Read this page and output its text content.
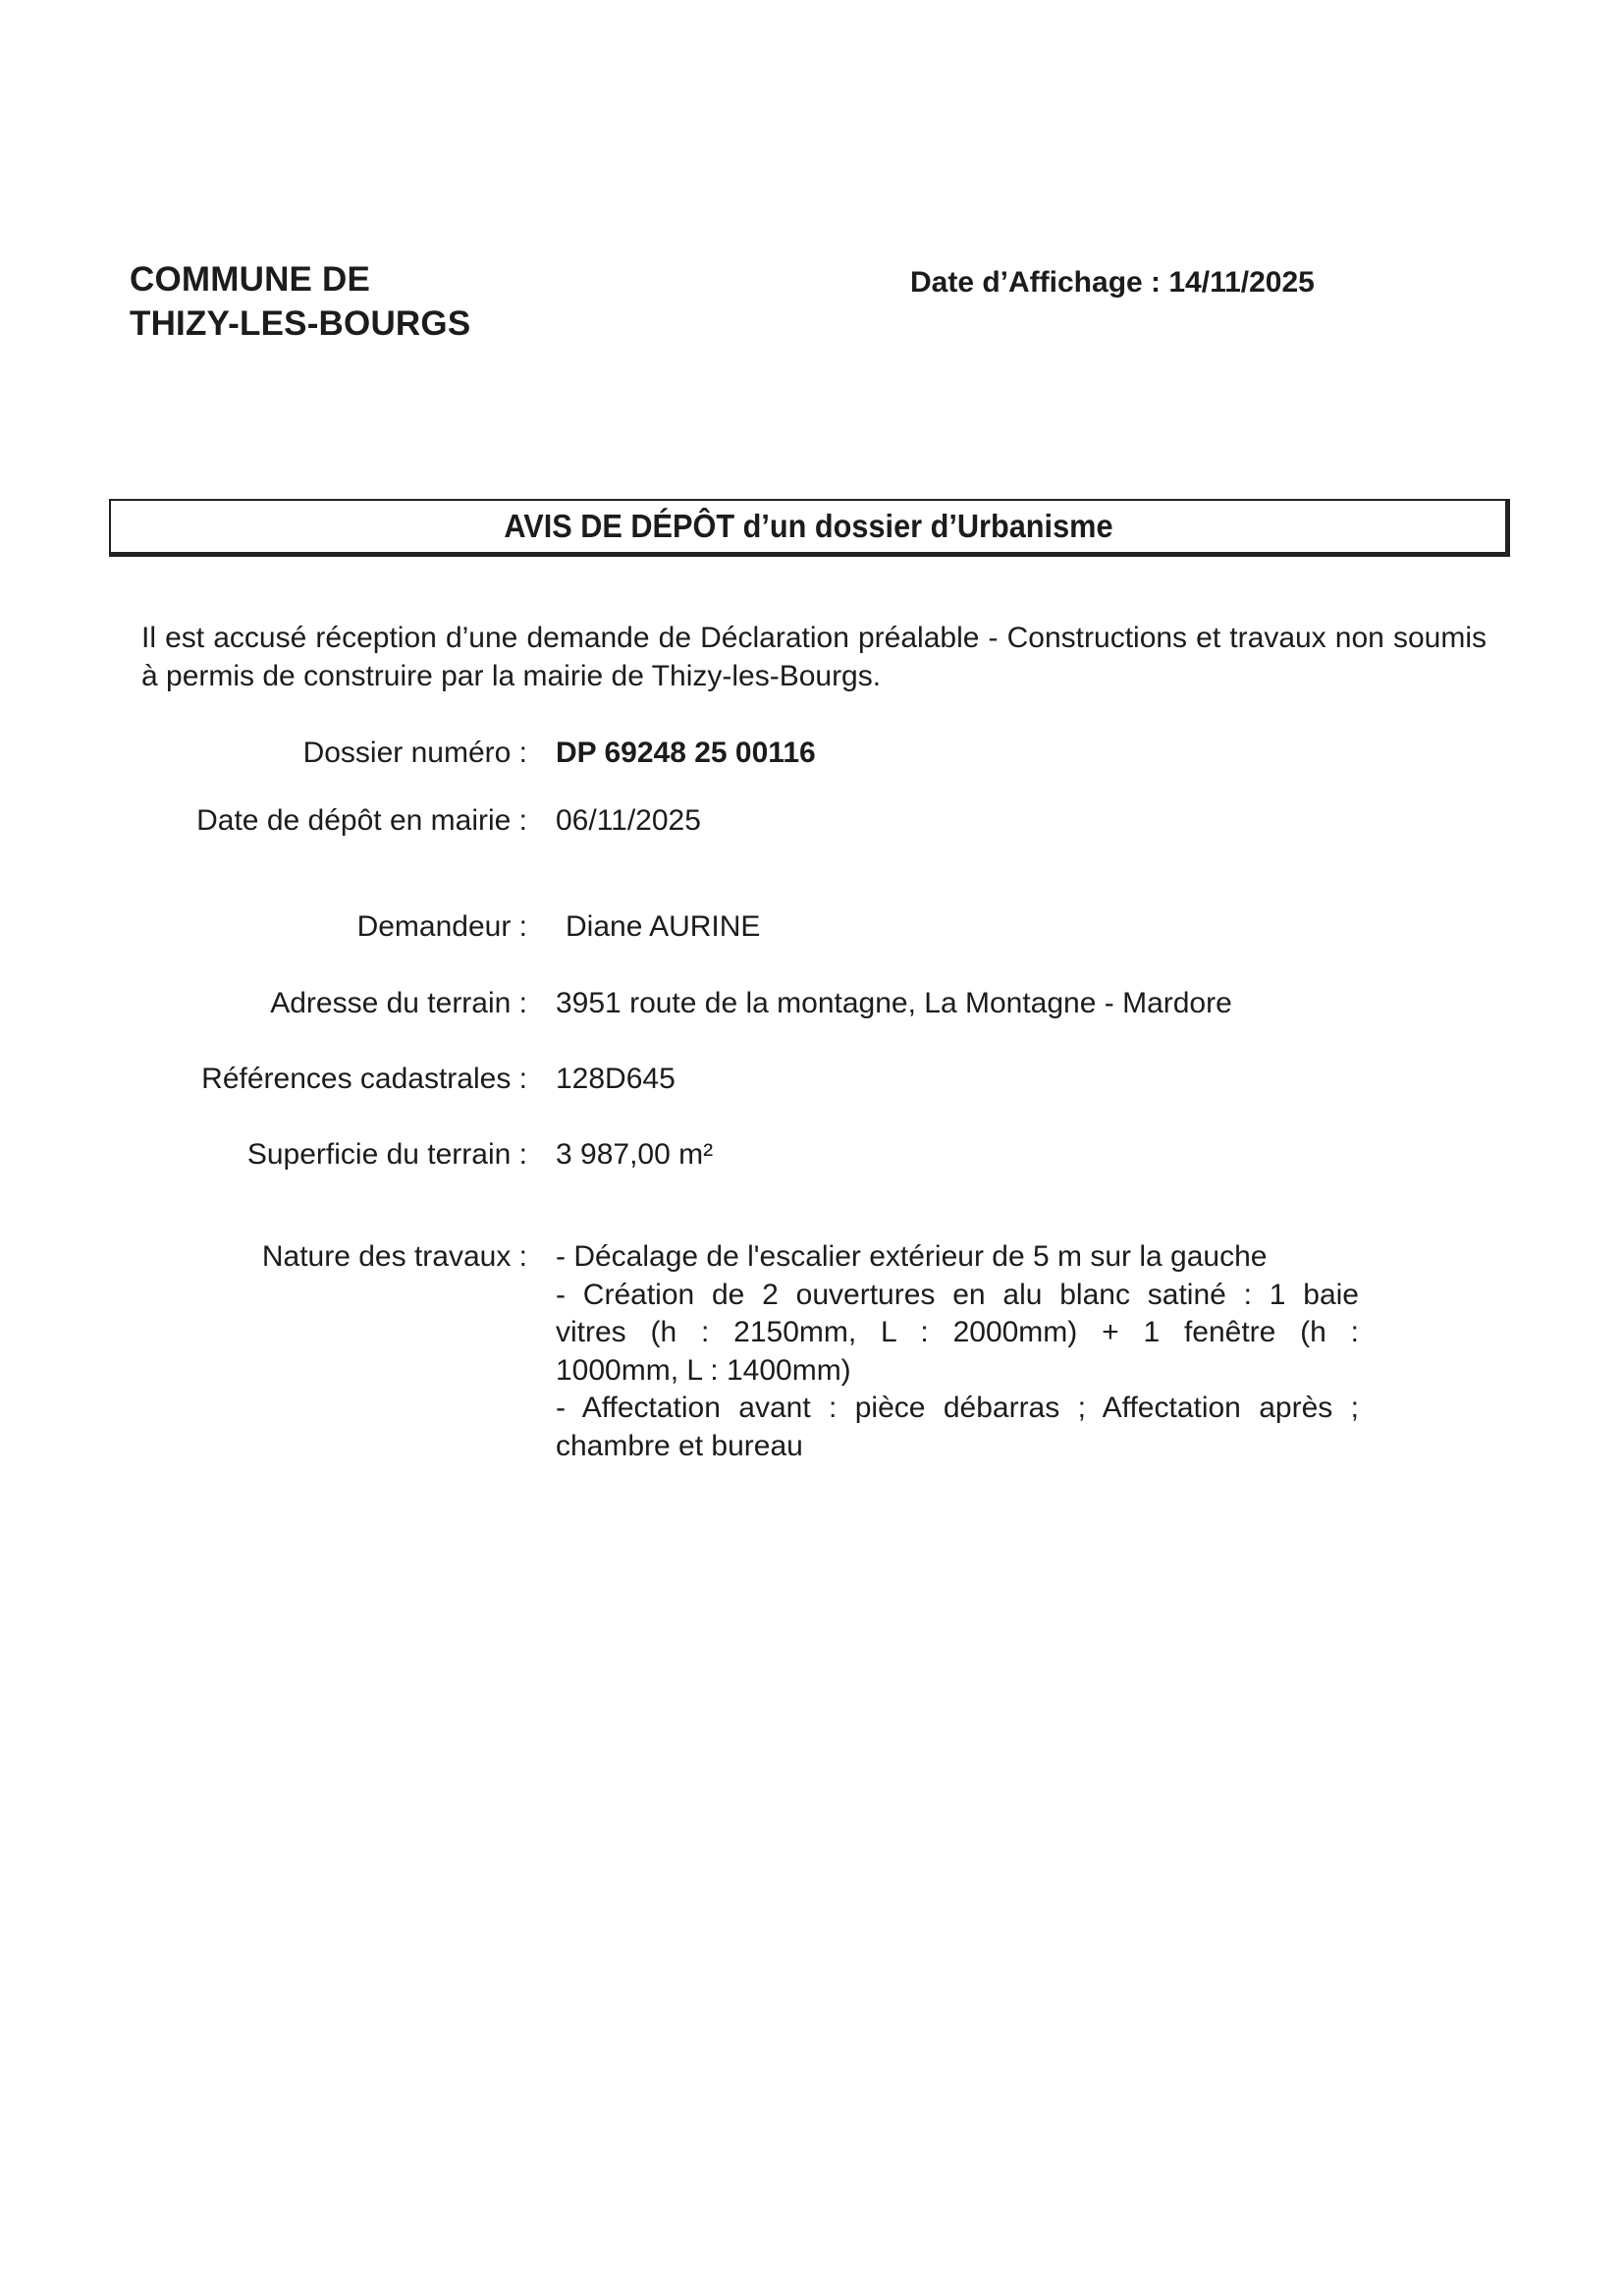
COMMUNE DE
THIZY-LES-BOURGS
Date d’Affichage : 14/11/2025
AVIS DE DÉPÔT d’un dossier d’Urbanisme
Il est accusé réception d’une demande de Déclaration préalable - Constructions et travaux non soumis à permis de construire par la mairie de Thizy-les-Bourgs.
Dossier numéro : DP 69248 25 00116
Date de dépôt en mairie : 06/11/2025
Demandeur : Diane AURINE
Adresse du terrain : 3951 route de la montagne, La Montagne - Mardore
Références cadastrales : 128D645
Superficie du terrain : 3 987,00 m²
Nature des travaux : - Décalage de l'escalier extérieur de 5 m sur la gauche
- Création de 2 ouvertures en alu blanc satiné : 1 baie
vitres (h : 2150mm, L : 2000mm) + 1 fenêtre (h :
1000mm, L : 1400mm)
- Affectation avant : pièce débarras ; Affectation après ;
chambre et bureau
